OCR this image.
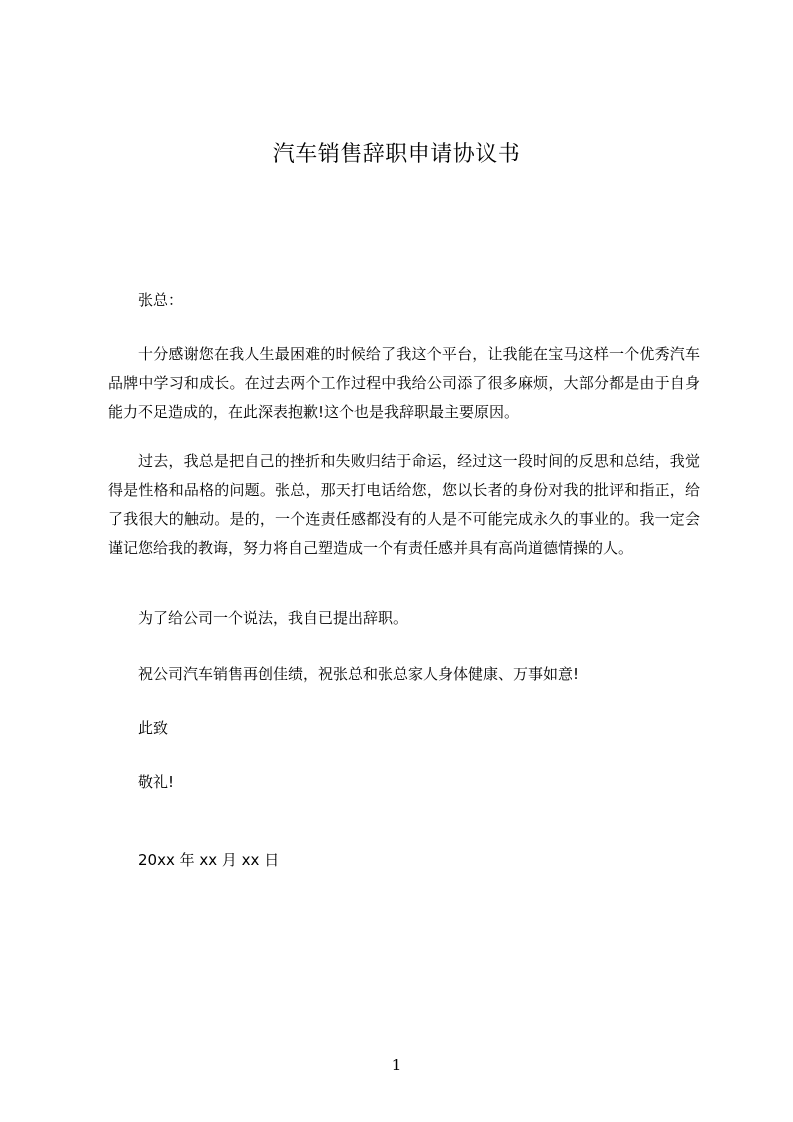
汽车销售辞职申请协议书
张总：
十分感谢您在我人生最困难的时候给了我这个平台，让我能在宝马这样一个优秀汽车品牌中学习和成长。在过去两个工作过程中我给公司添了很多麻烦，大部分都是由于自身能力不足造成的，在此深表抱歉!这个也是我辞职最主要原因。
过去，我总是把自己的挫折和失败归结于命运，经过这一段时间的反思和总结，我觉得是性格和品格的问题。张总，那天打电话给您，您以长者的身份对我的批评和指正，给了我很大的触动。是的，一个连责任感都没有的人是不可能完成永久的事业的。我一定会谨记您给我的教诲，努力将自己塑造成一个有责任感并具有高尚道德情操的人。
为了给公司一个说法，我自已提出辞职。
祝公司汽车销售再创佳绩，祝张总和张总家人身体健康、万事如意!
此致
敬礼!
20xx 年 xx 月 xx 日
1
